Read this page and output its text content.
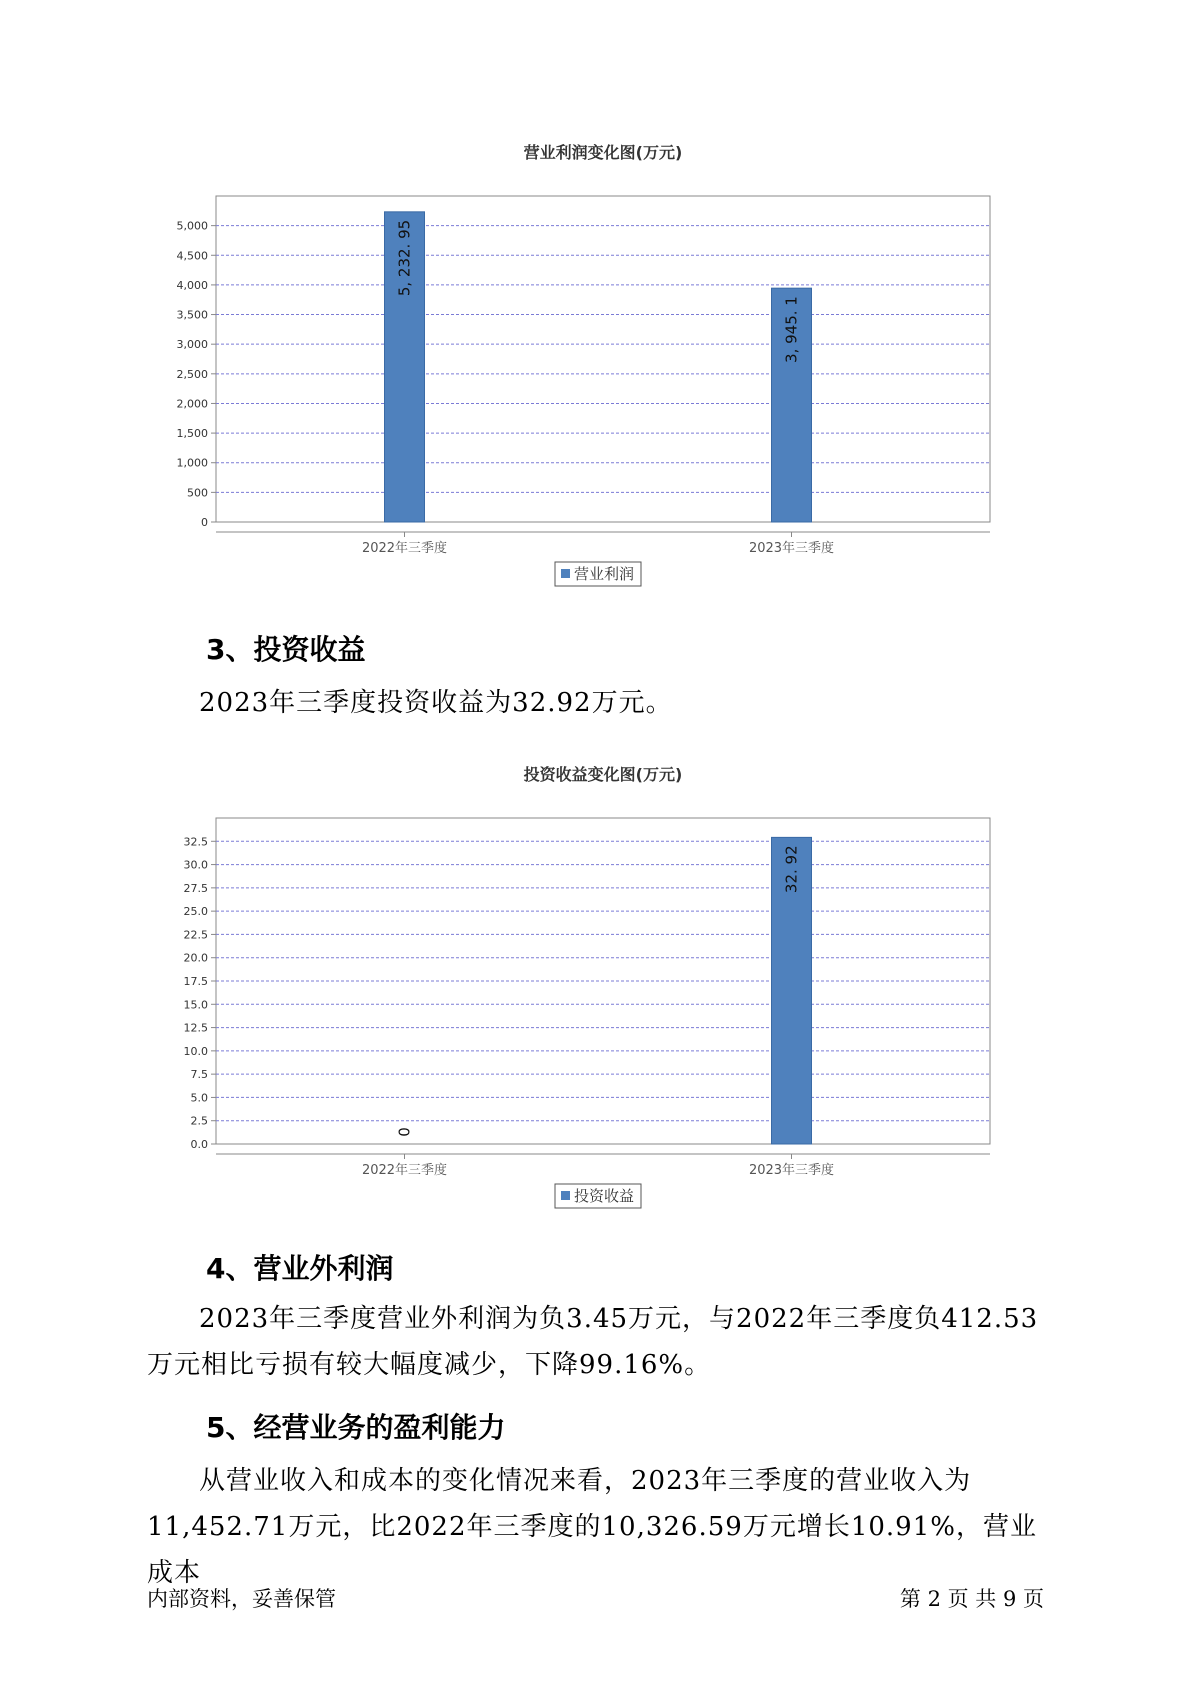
营业利润变化图(万元)
0
500
1,000
1,500
2,000
2,500
3,000
3,500
4,000
4,500
5,000
2022年三季度
5, 232. 95
2023年三季度
3, 945. 1
营业利润
3、投资收益

2023年三季度投资收益为32.92万元。

投资收益变化图(万元)
0.0
2.5
5.0
7.5
10.0
12.5
15.0
17.5
20.0
22.5
25.0
27.5
30.0
32.5
2022年三季度
0
2023年三季度
32. 92
投资收益
4、营业外利润

2023年三季度营业外利润为负3.45万元，与2022年三季度负412.53万元相比亏损有较大幅度减少，下降99.16%。

5、经营业务的盈利能力

从营业收入和成本的变化情况来看，2023年三季度的营业收入为11,452.71万元，比2022年三季度的10,326.59万元增长10.91%，营业成本

内部资料，妥善保管	第 2 页 共 9 页
